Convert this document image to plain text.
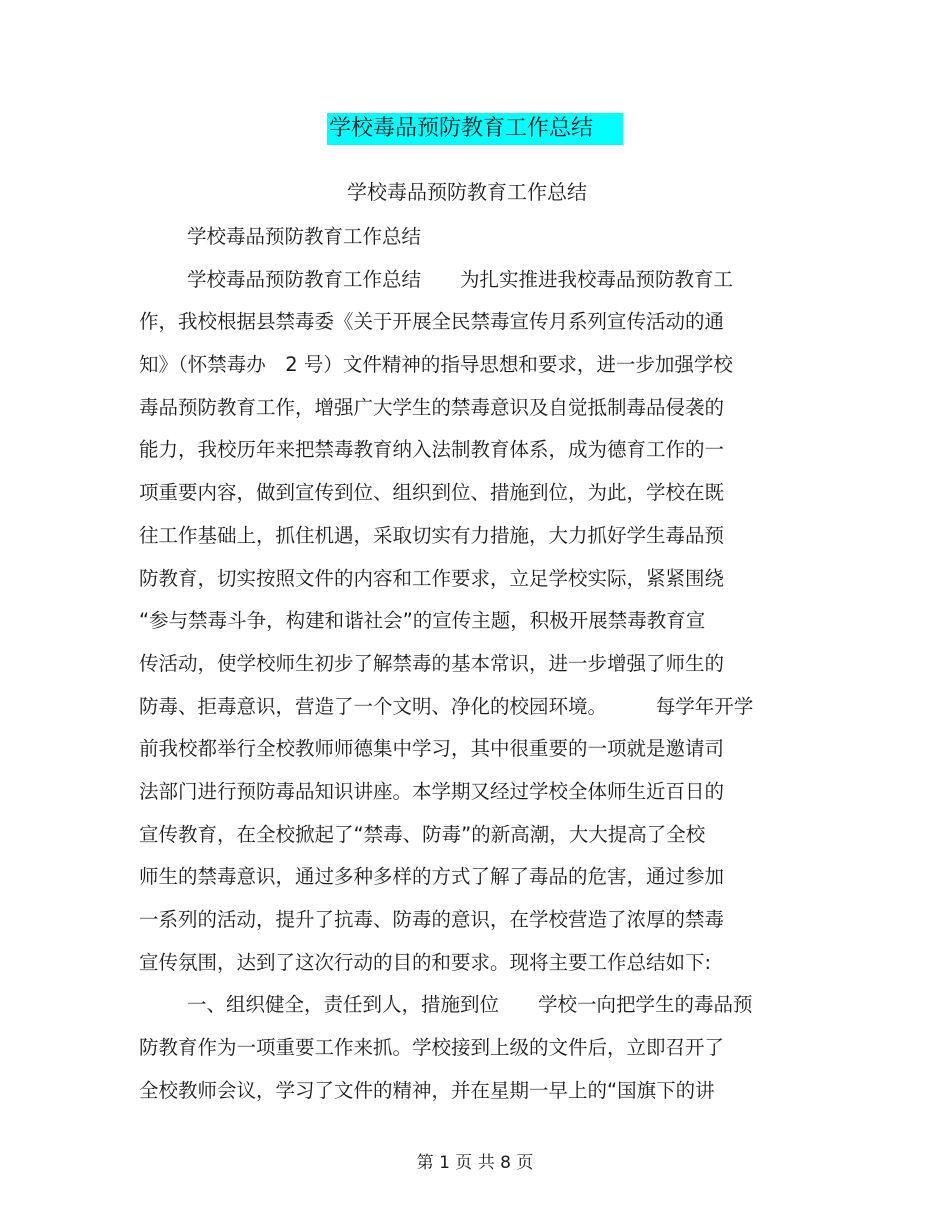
学校毒品预防教育工作总结
学校毒品预防教育工作总结
学校毒品预防教育工作总结
学校毒品预防教育工作总结　　为扎实推进我校毒品预防教育工
作，我校根据县禁毒委《关于开展全民禁毒宣传月系列宣传活动的通
知》（怀禁毒办　2 号）文件精神的指导思想和要求，进一步加强学校
毒品预防教育工作，增强广大学生的禁毒意识及自觉抵制毒品侵袭的
能力，我校历年来把禁毒教育纳入法制教育体系，成为德育工作的一
项重要内容，做到宣传到位、组织到位、措施到位，为此，学校在既
往工作基础上，抓住机遇，采取切实有力措施，大力抓好学生毒品预
防教育，切实按照文件的内容和工作要求，立足学校实际，紧紧围绕
“参与禁毒斗争，构建和谐社会”的宣传主题，积极开展禁毒教育宣
传活动，使学校师生初步了解禁毒的基本常识，进一步增强了师生的
防毒、拒毒意识，营造了一个文明、净化的校园环境。　　　每学年开学
前我校都举行全校教师师德集中学习，其中很重要的一项就是邀请司
法部门进行预防毒品知识讲座。本学期又经过学校全体师生近百日的
宣传教育，在全校掀起了“禁毒、防毒”的新高潮，大大提高了全校
师生的禁毒意识，通过多种多样的方式了解了毒品的危害，通过参加
一系列的活动，提升了抗毒、防毒的意识，在学校营造了浓厚的禁毒
宣传氛围，达到了这次行动的目的和要求。现将主要工作总结如下:
一、组织健全，责任到人，措施到位　　学校一向把学生的毒品预
防教育作为一项重要工作来抓。学校接到上级的文件后，立即召开了
全校教师会议，学习了文件的精神，并在星期一早上的“国旗下的讲
第 1 页 共 8 页
